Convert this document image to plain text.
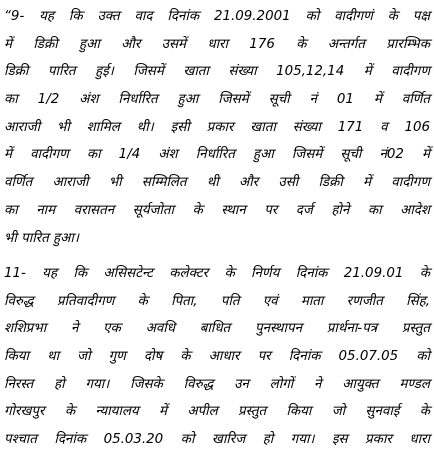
“9- यह कि उक्त वाद दिनांक 21.09.2001 को वादीगणं के पक्ष
में डिक्री हुआ और उसमें धारा 176 के अन्तर्गत प्रारम्भिक
डिक्री पारित हुई। जिसमें खाता संख्या 105,12,14 में वादीगण
का 1/2 अंश निर्धारित हुआ जिसमें सूची नं 01 में वर्णित
आराजी भी शामिल थी। इसी प्रकार खाता संख्या 171 व 106
में वादीगण का 1/4 अंश निर्धारित हुआ जिसमें सूची नं02 में
वर्णित आराजी भी सम्मिलित थी और उसी डिक्री में वादीगण
का नाम वरासतन सूर्यजोता के स्थान पर दर्ज होने का आदेश
भी पारित हुआ।
11- यह कि असिसटेन्ट कलेक्टर के निर्णय दिनांक 21.09.01 के
विरुद्ध प्रतिवादीगण के पिता, पति एवं माता रणजीत सिंह,
शशिप्रभा ने एक अवधि बाधित पुनस्थापन प्रार्थना-पत्र प्रस्तुत
किया था जो गुण दोष के आधार पर दिनांक 05.07.05 को
निरस्त हो गया। जिसके विरुद्ध उन लोगों ने आयुक्त मण्डल
गोरखपुर के न्यायालय में अपील प्रस्तुत किया जो सुनवाई के
पश्चात दिनांक 05.03.20 को खारिज हो गया। इस प्रकार धारा
